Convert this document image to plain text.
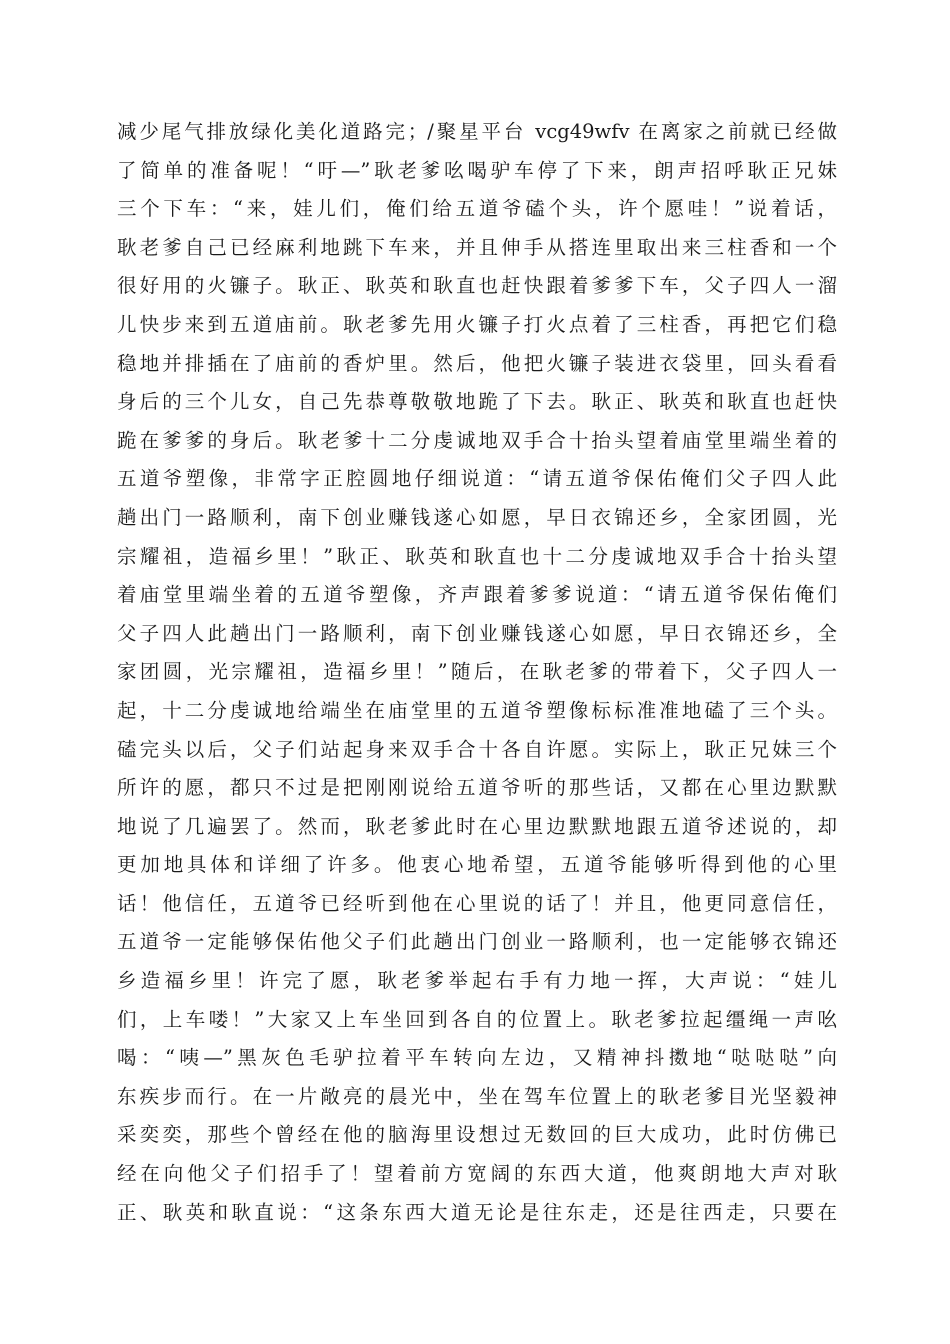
减少尾气排放绿化美化道路完；/聚星平台 vcg49wfv 在离家之前就已经做
了简单的准备呢！“吁—”耿老爹吆喝驴车停了下来，朗声招呼耿正兄妹
三个下车：“来，娃儿们，俺们给五道爷磕个头，许个愿哇！”说着话，
耿老爹自己已经麻利地跳下车来，并且伸手从搭连里取出来三柱香和一个
很好用的火镰子。耿正、耿英和耿直也赶快跟着爹爹下车，父子四人一溜
儿快步来到五道庙前。耿老爹先用火镰子打火点着了三柱香，再把它们稳
稳地并排插在了庙前的香炉里。然后，他把火镰子装进衣袋里，回头看看
身后的三个儿女，自己先恭尊敬敬地跪了下去。耿正、耿英和耿直也赶快
跪在爹爹的身后。耿老爹十二分虔诚地双手合十抬头望着庙堂里端坐着的
五道爷塑像，非常字正腔圆地仔细说道：“请五道爷保佑俺们父子四人此
趟出门一路顺利，南下创业赚钱遂心如愿，早日衣锦还乡，全家团圆，光
宗耀祖，造福乡里！”耿正、耿英和耿直也十二分虔诚地双手合十抬头望
着庙堂里端坐着的五道爷塑像，齐声跟着爹爹说道：“请五道爷保佑俺们
父子四人此趟出门一路顺利，南下创业赚钱遂心如愿，早日衣锦还乡，全
家团圆，光宗耀祖，造福乡里！”随后，在耿老爹的带着下，父子四人一
起，十二分虔诚地给端坐在庙堂里的五道爷塑像标标准准地磕了三个头。
磕完头以后，父子们站起身来双手合十各自许愿。实际上，耿正兄妹三个
所许的愿，都只不过是把刚刚说给五道爷听的那些话，又都在心里边默默
地说了几遍罢了。然而，耿老爹此时在心里边默默地跟五道爷述说的，却
更加地具体和详细了许多。他衷心地希望，五道爷能够听得到他的心里
话！他信任，五道爷已经听到他在心里说的话了！并且，他更同意信任，
五道爷一定能够保佑他父子们此趟出门创业一路顺利，也一定能够衣锦还
乡造福乡里！许完了愿，耿老爹举起右手有力地一挥，大声说：“娃儿
们，上车喽！”大家又上车坐回到各自的位置上。耿老爹拉起缰绳一声吆
喝：“咦—”黑灰色毛驴拉着平车转向左边，又精神抖擞地“哒哒哒”向
东疾步而行。在一片敞亮的晨光中，坐在驾车位置上的耿老爹目光坚毅神
采奕奕，那些个曾经在他的脑海里设想过无数回的巨大成功，此时仿佛已
经在向他父子们招手了！望着前方宽阔的东西大道，他爽朗地大声对耿
正、耿英和耿直说：“这条东西大道无论是往东走，还是往西走，只要在
